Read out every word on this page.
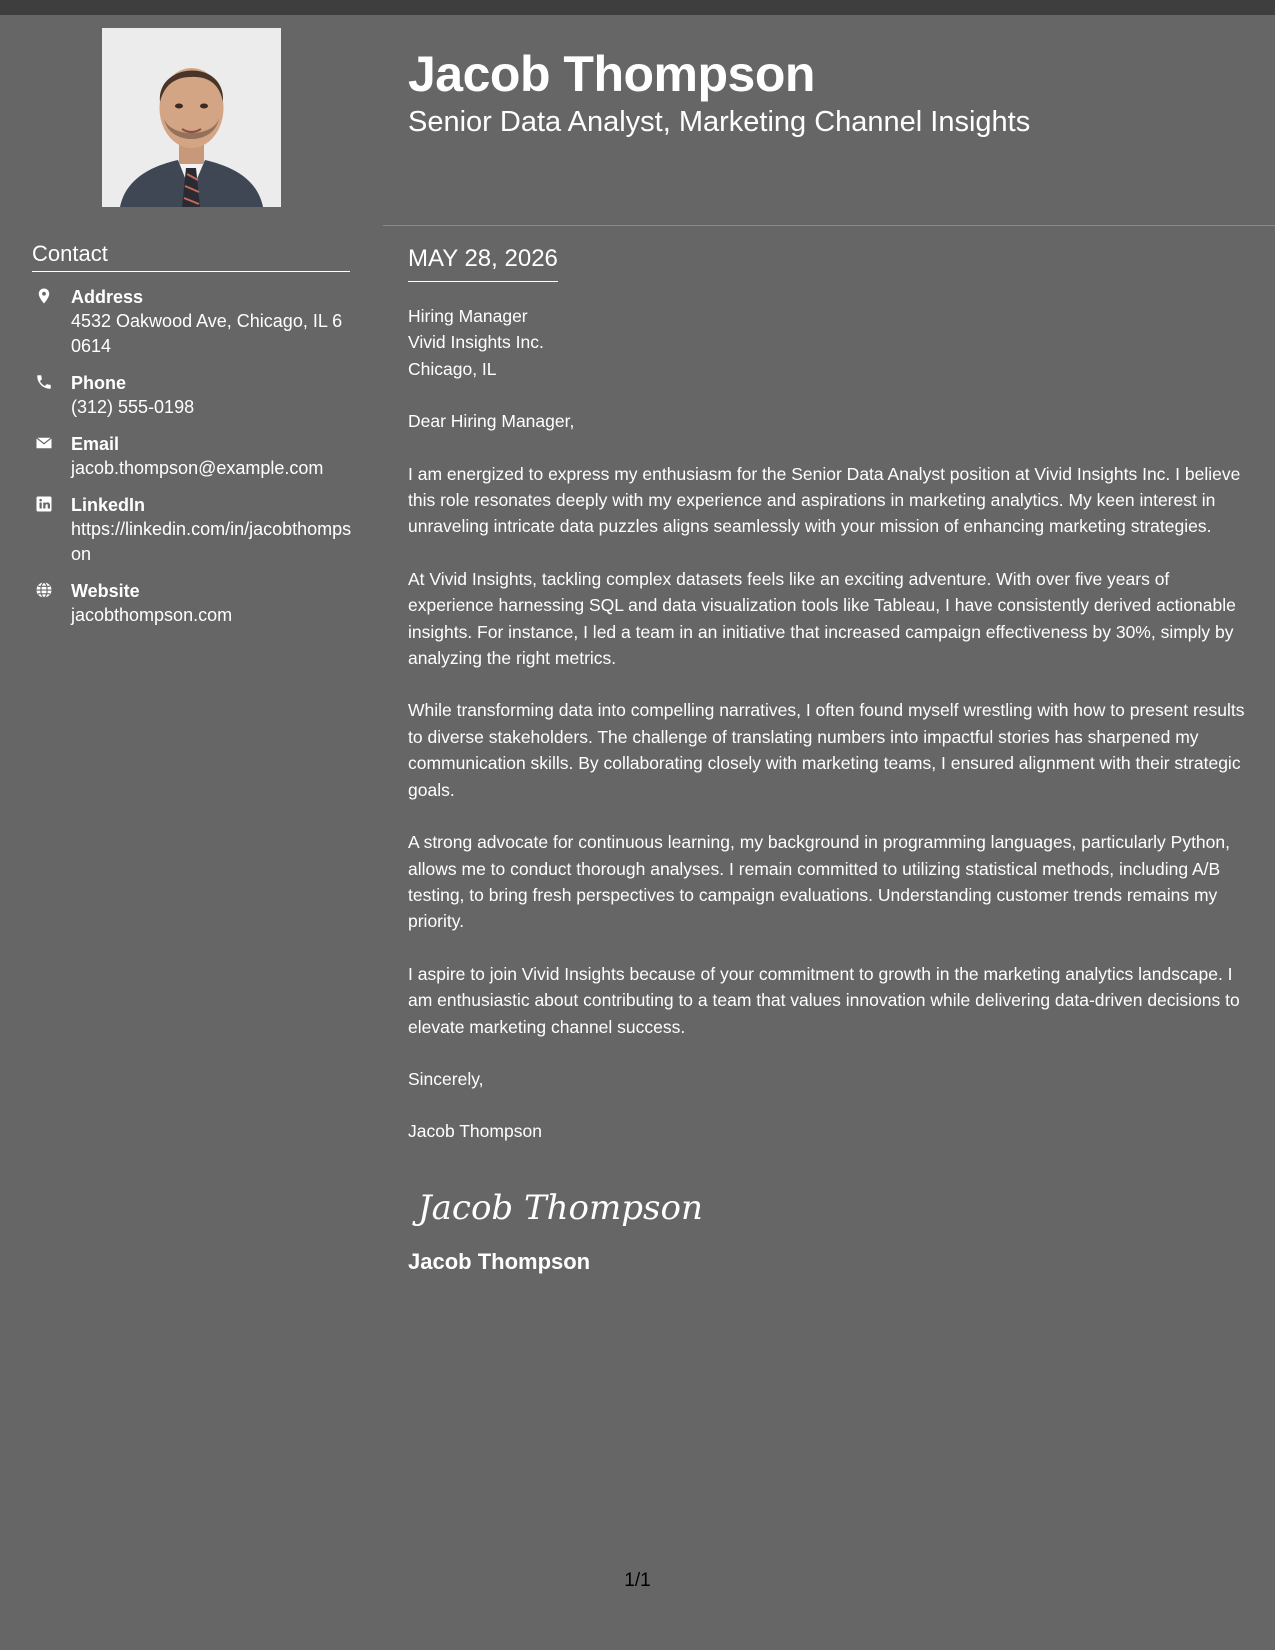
Contact
Address
4532 Oakwood Ave, Chicago, IL 60614
Phone
(312) 555-0198
Email
jacob.thompson@example.com
LinkedIn
https://linkedin.com/in/jacobthompson
Website
jacobthompson.com
Jacob Thompson
Senior Data Analyst, Marketing Channel Insights
MAY 28, 2026
Hiring Manager
Vivid Insights Inc.
Chicago, IL

Dear Hiring Manager,

I am energized to express my enthusiasm for the Senior Data Analyst position at Vivid Insights Inc. I believe this role resonates deeply with my experience and aspirations in marketing analytics. My keen interest in unraveling intricate data puzzles aligns seamlessly with your mission of enhancing marketing strategies.

At Vivid Insights, tackling complex datasets feels like an exciting adventure. With over five years of experience harnessing SQL and data visualization tools like Tableau, I have consistently derived actionable insights. For instance, I led a team in an initiative that increased campaign effectiveness by 30%, simply by analyzing the right metrics.

While transforming data into compelling narratives, I often found myself wrestling with how to present results to diverse stakeholders. The challenge of translating numbers into impactful stories has sharpened my communication skills. By collaborating closely with marketing teams, I ensured alignment with their strategic goals.

A strong advocate for continuous learning, my background in programming languages, particularly Python, allows me to conduct thorough analyses. I remain committed to utilizing statistical methods, including A/B testing, to bring fresh perspectives to campaign evaluations. Understanding customer trends remains my priority.

I aspire to join Vivid Insights because of your commitment to growth in the marketing analytics landscape. I am enthusiastic about contributing to a team that values innovation while delivering data-driven decisions to elevate marketing channel success.

Sincerely,

Jacob Thompson

Jacob Thompson
Jacob Thompson
1/1
